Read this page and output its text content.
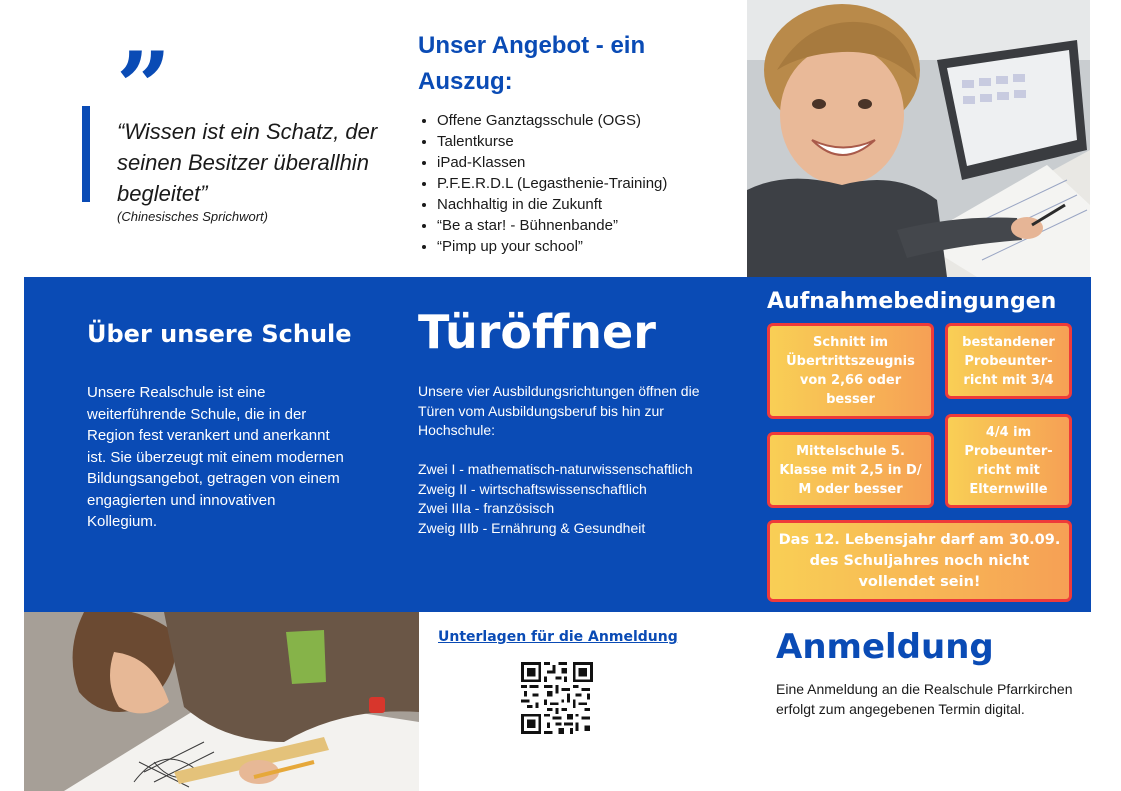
”
“Wissen ist ein Schatz, der seinen Besitzer überallhin begleitet”
(Chinesisches Sprichwort)
Unser Angebot - ein Auszug:
• Offene Ganztagsschule (OGS)
• Talentkurse
• iPad-Klassen
• P.F.E.R.D.L (Legasthenie-Training)
• Nachhaltig in die Zukunft
• “Be a star! - Bühnenbande”
• “Pimp up your school”
Über unsere Schule
Unsere Realschule ist eine weiterführende Schule, die in der Region fest verankert und anerkannt ist. Sie überzeugt mit einem modernen Bildungsangebot, getragen von einem engagierten und innovativen Kollegium.
Türöffner
Unsere vier Ausbildungsrichtungen öffnen die Türen vom Ausbildungsberuf bis hin zur Hochschule:
Zwei I - mathematisch-naturwissenschaftlich
Zweig II - wirtschaftswissenschaftlich
Zwei IIIa - französisch
Zweig IIIb - Ernährung & Gesundheit
Aufnahmebedingungen
Schnitt im Übertrittszeugnis von 2,66 oder besser
bestandener Probeunter-richt mit 3/4
Mittelschule 5. Klasse mit 2,5 in D/ M oder besser
4/4 im Probeunter-richt mit Elternwille
Das 12. Lebensjahr darf am 30.09. des Schuljahres noch nicht vollendet sein!
Unterlagen für die Anmeldung	Anmeldung
Eine Anmeldung an die Realschule Pfarrkirchen erfolgt zum angegebenen Termin digital.
